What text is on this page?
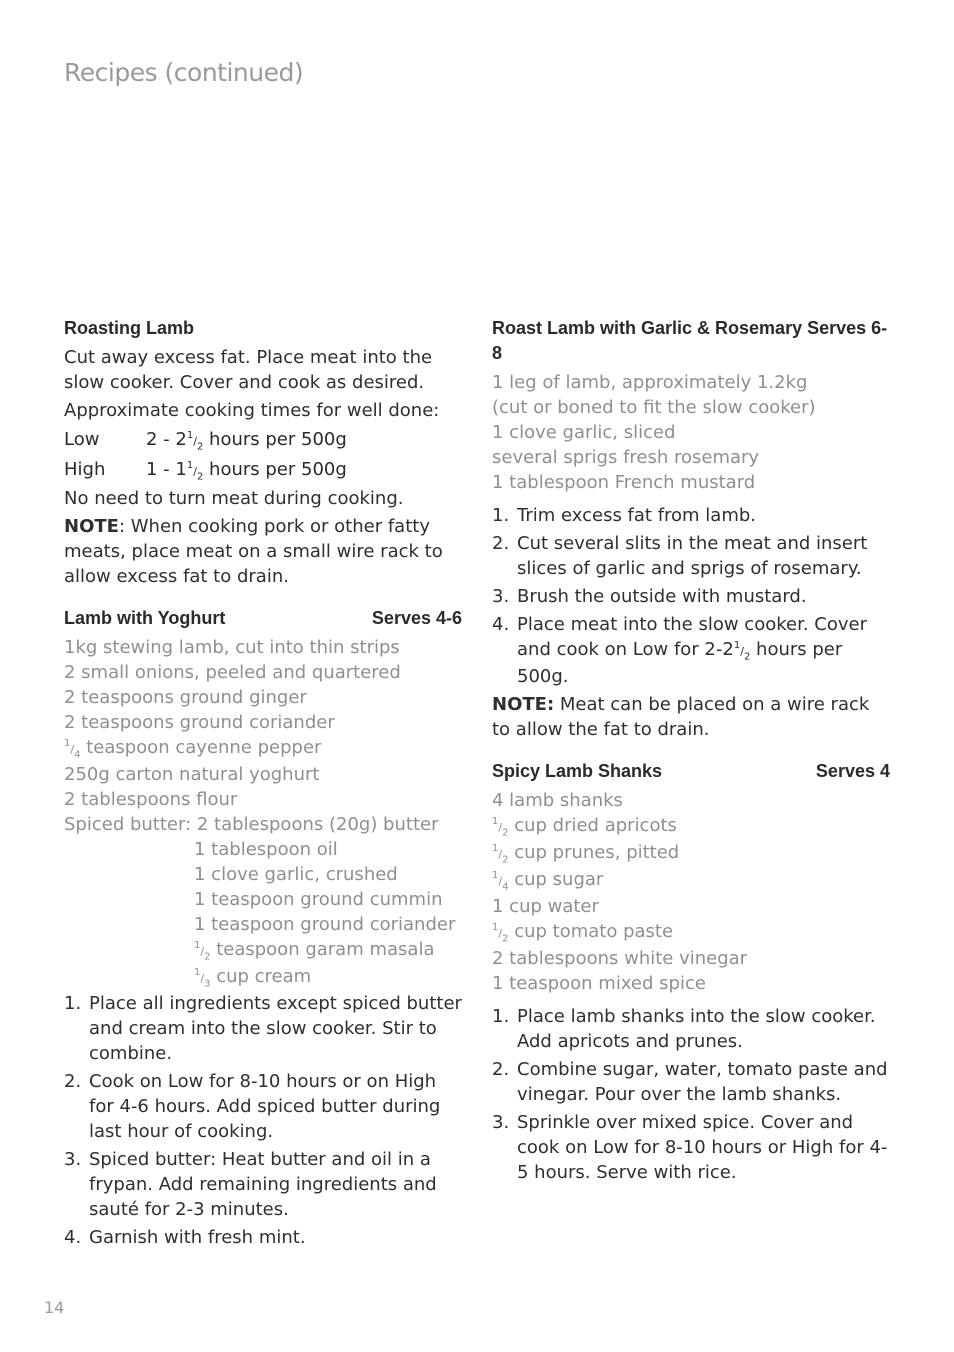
Recipes (continued)
Roasting Lamb
Cut away excess fat. Place meat into the slow cooker. Cover and cook as desired.
Approximate cooking times for well done:
Low	$2 - 2^1/_2$ hours per 500g
High	$1 - 1^1/_2$ hours per 500g
No need to turn meat during cooking.
NOTE: When cooking pork or other fatty meats, place meat on a small wire rack to allow excess fat to drain.
Lamb with Yoghurt	Serves 4-6
1kg stewing lamb, cut into thin strips
2 small onions, peeled and quartered
2 teaspoons ground ginger
2 teaspoons ground coriander
$^1/_4$ teaspoon cayenne pepper
250g carton natural yoghurt
2 tablespoons flour
Spiced butter: 2 tablespoons (20g) butter
1 tablespoon oil
1 clove garlic, crushed
1 teaspoon ground cummin
1 teaspoon ground coriander
$^1/_2$ teaspoon garam masala
$^1/_3$ cup cream
1. Place all ingredients except spiced butter and cream into the slow cooker. Stir to combine.
2. Cook on Low for 8-10 hours or on High for 4-6 hours. Add spiced butter during last hour of cooking.
3. Spiced butter: Heat butter and oil in a frypan. Add remaining ingredients and sauté for 2-3 minutes.
4. Garnish with fresh mint.
Roast Lamb with Garlic & Rosemary Serves 6-8
1 leg of lamb, approximately 1.2kg
(cut or boned to fit the slow cooker)
1 clove garlic, sliced
several sprigs fresh rosemary
1 tablespoon French mustard
1. Trim excess fat from lamb.
2. Cut several slits in the meat and insert slices of garlic and sprigs of rosemary.
3. Brush the outside with mustard.
4. Place meat into the slow cooker. Cover and cook on Low for $2-2^1/_2$ hours per 500g.
NOTE: Meat can be placed on a wire rack to allow the fat to drain.
Spicy Lamb Shanks	Serves 4
4 lamb shanks
$^1/_2$ cup dried apricots
$^1/_2$ cup prunes, pitted
$^1/_4$ cup sugar
1 cup water
$^1/_2$ cup tomato paste
2 tablespoons white vinegar
1 teaspoon mixed spice
1. Place lamb shanks into the slow cooker. Add apricots and prunes.
2. Combine sugar, water, tomato paste and vinegar. Pour over the lamb shanks.
3. Sprinkle over mixed spice. Cover and cook on Low for 8-10 hours or High for 4-5 hours. Serve with rice.
14
